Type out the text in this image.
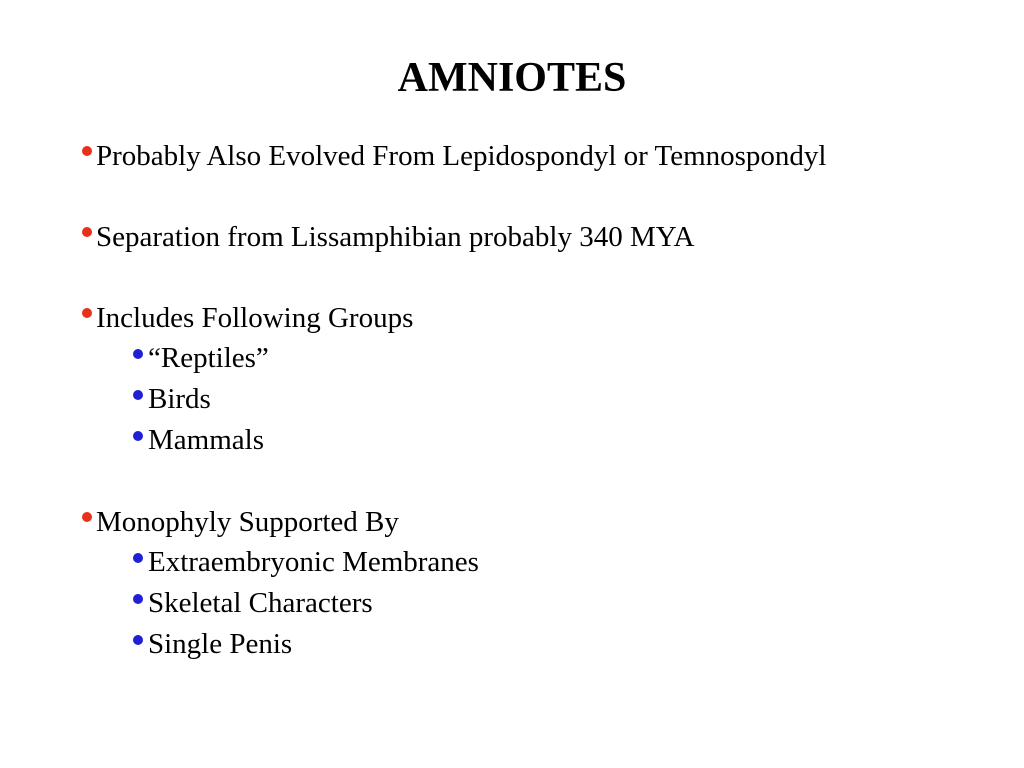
AMNIOTES
Probably Also Evolved From Lepidospondyl or Temnospondyl
Separation from Lissamphibian probably 340 MYA
Includes Following Groups
“Reptiles”
Birds
Mammals
Monophyly Supported By
Extraembryonic Membranes
Skeletal Characters
Single Penis
